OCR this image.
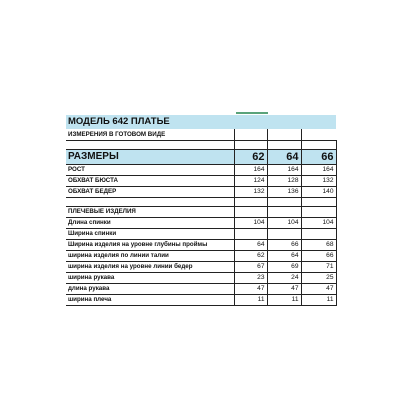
МОДЕЛЬ 642 ПЛАТЬЕ			
ИЗМЕРЕНИЯ В ГОТОВОМ ВИДЕ			

РАЗМЕРЫ	62	64	66
РОСТ	164	164	164
ОБХВАТ БЮСТА	124	128	132
ОБХВАТ БЕДЕР	132	136	140

ПЛЕЧЕВЫЕ ИЗДЕЛИЯ			
Длина спинки	104	104	104
Ширина спинки			
Ширина изделия на уровне глубины проймы	64	66	68
ширина изделия по линии талии	62	64	66
ширина изделия на уровне линии бедер	67	69	71
ширина рукава	23	24	25
длина рукава	47	47	47
ширина плеча	11	11	11
